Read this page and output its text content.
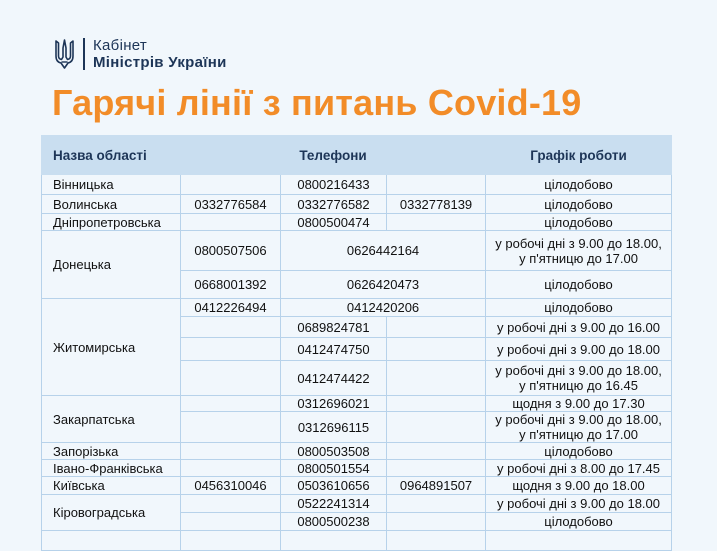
Кабінет
Міністрів України
Гарячі лінії з питань Covid-19
Назва області	Телефони			Графік роботи
Вінницька		0800216433		цілодобово
Волинська	0332776584	0332776582	0332778139	цілодобово
Дніпропетровська		0800500474		цілодобово
Донецька	0800507506	0626442164		у робочі дні з 9.00 до 18.00,
у п'ятницю до 17.00

	0668001392	0626420473		цілодобово
Житомирська	0412226494	0412420206		цілодобово
		0689824781		у робочі дні з 9.00 до 16.00
		0412474750		у робочі дні з 9.00 до 18.00
		0412474422		у робочі дні з 9.00 до 18.00,
у п'ятницю до 16.45

Закарпатська		0312696021		щодня з 9.00 до 17.30
		0312696115		у робочі дні з 9.00 до 18.00,
у п'ятницю до 17.00

Запорізька		0800503508		цілодобово
Івано-Франківська		0800501554		у робочі дні з 8.00 до 17.45
Київська	0456310046	0503610656	0964891507	щодня з 9.00 до 18.00
Кіровоградська		0522241314		у робочі дні з 9.00 до 18.00
		0800500238		цілодобово
